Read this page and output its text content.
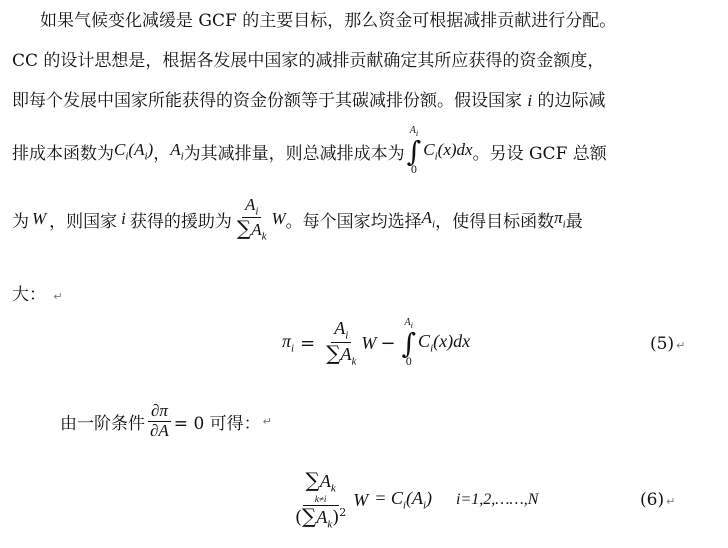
如果气候变化减缓是 GCF 的主要目标，那么资金可根据减排贡献进行分配。
CC 的设计思想是，根据各发展中国家的减排贡献确定其所应获得的资金额度，
即每个发展中国家所能获得的资金份额等于其碳减排份额。假设国家 i 的边际减
排成本函数为 $C_i(A_i)$ ， $A_i$ 为其减排量，则总减排成本为
$A_i$
∫
0
$C_i(x)dx$ 。另设 GCF 总额
为 W ，则国家 i 获得的援助为 $\frac{A_i}{\sum A_k}$ W 。每个国家均选择 $A_i$ ，使得目标函数 $\pi_i$ 最
大： ↵
$\pi_i = \frac{A_i}{\sum A_k}$ W −
$A_i$
∫
0
$C_i(x)dx$	(5) ↵
由一阶条件 $\frac{\partial\pi}{\partial A} = 0$ 可得： ↵
$\sum A_k$
k≠i
$(\sum A_k)^2$ $W = C_i(A_i)$ i=1,2,……,N	(6) ↵
